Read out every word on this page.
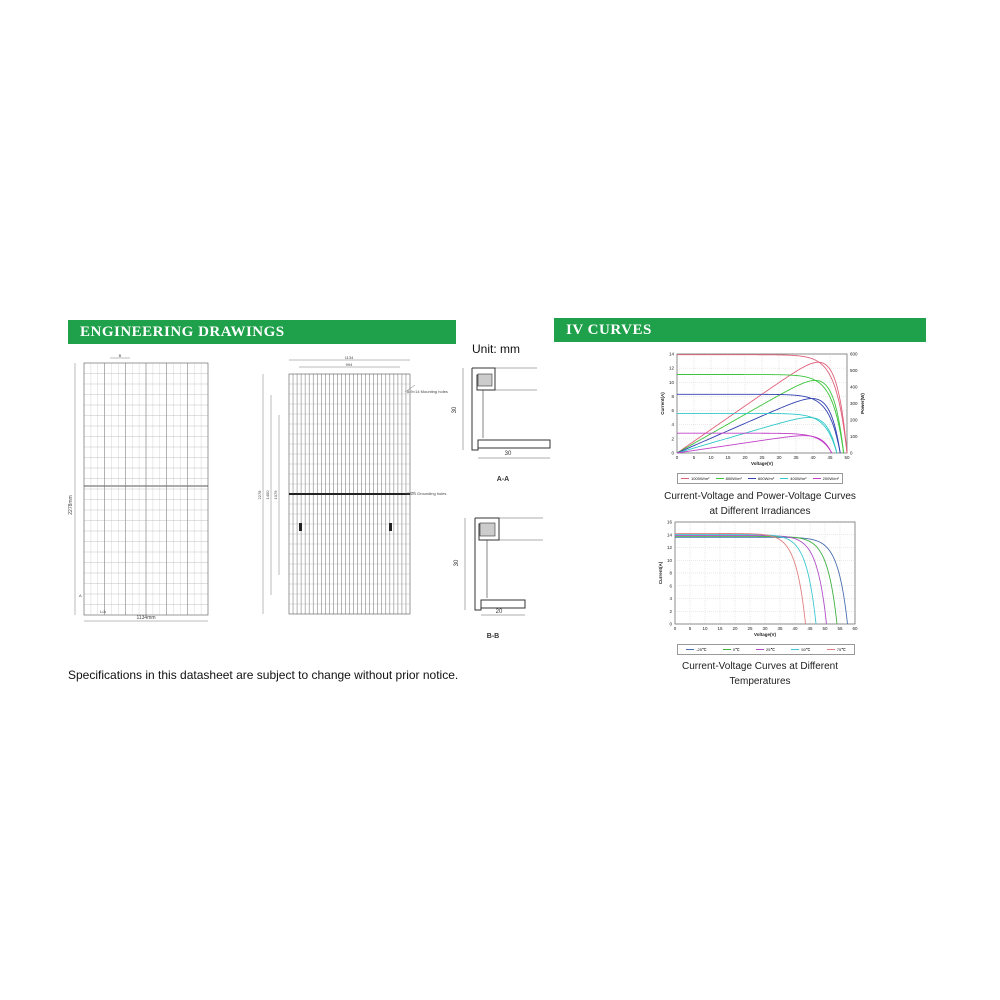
ENGINEERING DRAWINGS	IV CURVES
2278mm
1134mm
B
A
L/A
1134
994
2278 1400 1079
8-9×14 Mounting holes
2-Ø4 Grounding holes
Unit: mm
30
30
A-A
30
20
B-B
Specifications in this datasheet are subject to change without prior notice.
0	5	10	15	20	25	30	35	40	45	50
0
2
4
6
8
10
12
14
0
100
200
300
400
500
600
Power(W)
Voltage(V)
Current(A)
1000W/m²	800W/m²	600W/m²	400W/m²	200W/m²
Current-Voltage and Power-Voltage Curves
at Different Irradiances
0	5 10 15 20 25 30 35 40 45 50 55 60
0
2
4
6
8
10
12
14
16
Voltage(V)
Current(A)
-25℃	0℃	25℃	50℃	75℃
Current-Voltage Curves at Different
Temperatures
